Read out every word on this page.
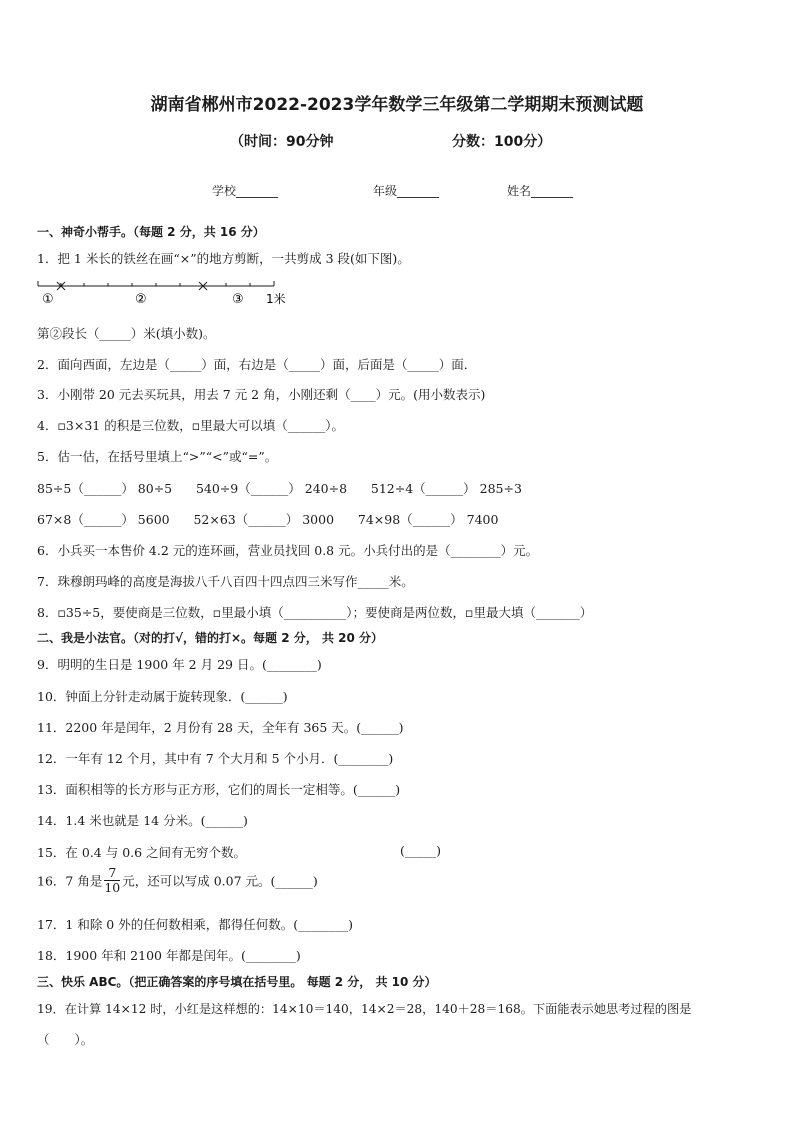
湖南省郴州市2022-2023学年数学三年级第二学期期末预测试题
（时间：90分钟	分数：100分）
学校_______	年级_______	姓名_______
一、神奇小帮手。（每题 2 分，共 16 分）
1．把 1 米长的铁丝在画“×”的地方剪断，一共剪成 3 段(如下图)。
①	②	③ 1米
第②段长（_____）米(填小数)。
2．面向西面，左边是（_____）面，右边是（_____）面，后面是（_____）面．
3．小刚带 20 元去买玩具，用去 7 元 2 角，小刚还剩（____）元。(用小数表示)
4．▫3×31 的积是三位数，▫里最大可以填（______）。
5．估一估，在括号里填上“>”“<”或“=”。
85÷5（______） 80÷5      540÷9（______） 240÷8      512÷4（______） 285÷3
67×8（______） 5600      52×63（______） 3000      74×98（______） 7400
6．小兵买一本售价 4.2 元的连环画，营业员找回 0.8 元。小兵付出的是（________）元。
7．珠穆朗玛峰的高度是海拔八千八百四十四点四三米写作_____米。
8．▫35÷5，要使商是三位数，▫里最小填（__________）；要使商是两位数，▫里最大填（_______）
二、我是小法官。（对的打√，错的打×。每题 2 分， 共 20 分）
9．明明的生日是 1900 年 2 月 29 日。(________)
10．钟面上分针走动属于旋转现象．(______)
11．2200 年是闰年，2 月份有 28 天，全年有 365 天。(______)
12．一年有 12 个月，其中有 7 个大月和 5 个小月．(________)
13．面积相等的长方形与正方形，它们的周长一定相等。(______)
14．1.4 米也就是 14 分米。(______)
15．在 0.4 与 0.6 之间有无穷个数。	(_____)
16．7 角是 $\frac{7}{10}$ 元，还可以写成 0.07 元。(______)
17．1 和除 0 外的任何数相乘，都得任何数。(________)
18．1900 年和 2100 年都是闰年。(________)
三、快乐 ABC。（把正确答案的序号填在括号里。 每题 2 分， 共 10 分）
19．在计算 14×12 时，小红是这样想的：14×10＝140，14×2＝28，140＋28＝168。下面能表示她思考过程的图是
（　　）。
